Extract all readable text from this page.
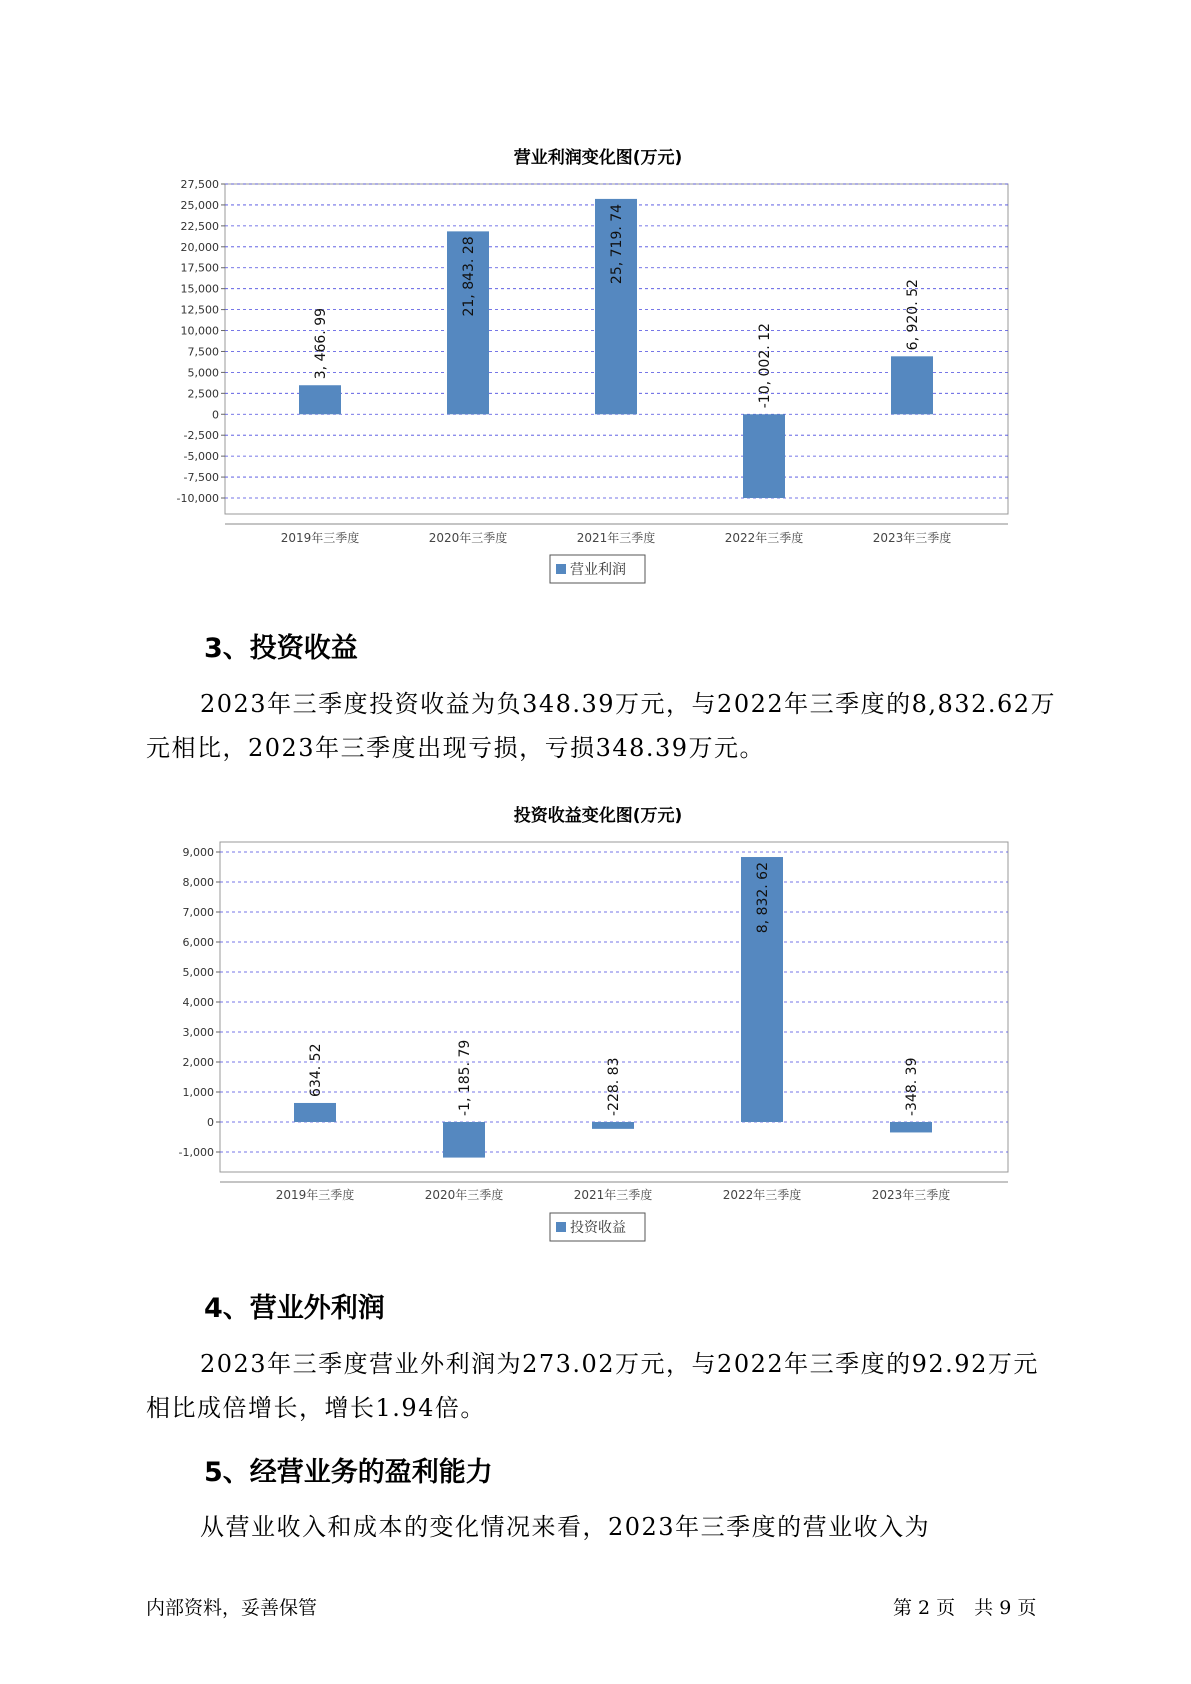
营业利润变化图(万元)
27,500
25,000
22,500
20,000
17,500
15,000
12,500
10,000
7,500
5,000
2,500
0
-2,500
-5,000
-7,500
-10,000
3, 466. 99
2019年三季度
21, 843. 28
2020年三季度
25, 719. 74
2021年三季度
-10, 002. 12
2022年三季度
6, 920. 52
2023年三季度
营业利润
投资收益变化图(万元)
9,000
8,000
7,000
6,000
5,000
4,000
3,000
2,000
1,000
0
-1,000
634. 52
2019年三季度
-1, 185. 79
2020年三季度
-228. 83
2021年三季度
8, 832. 62
2022年三季度
-348. 39
2023年三季度
投资收益
3、投资收益

2023年三季度投资收益为负348.39万元，与2022年三季度的8,832.62万元相比，2023年三季度出现亏损，亏损348.39万元。

4、营业外利润

2023年三季度营业外利润为273.02万元，与2022年三季度的92.92万元相比成倍增长，增长1.94倍。

5、经营业务的盈利能力

从营业收入和成本的变化情况来看，2023年三季度的营业收入为

内部资料，妥善保管	第 2 页　共 9 页
